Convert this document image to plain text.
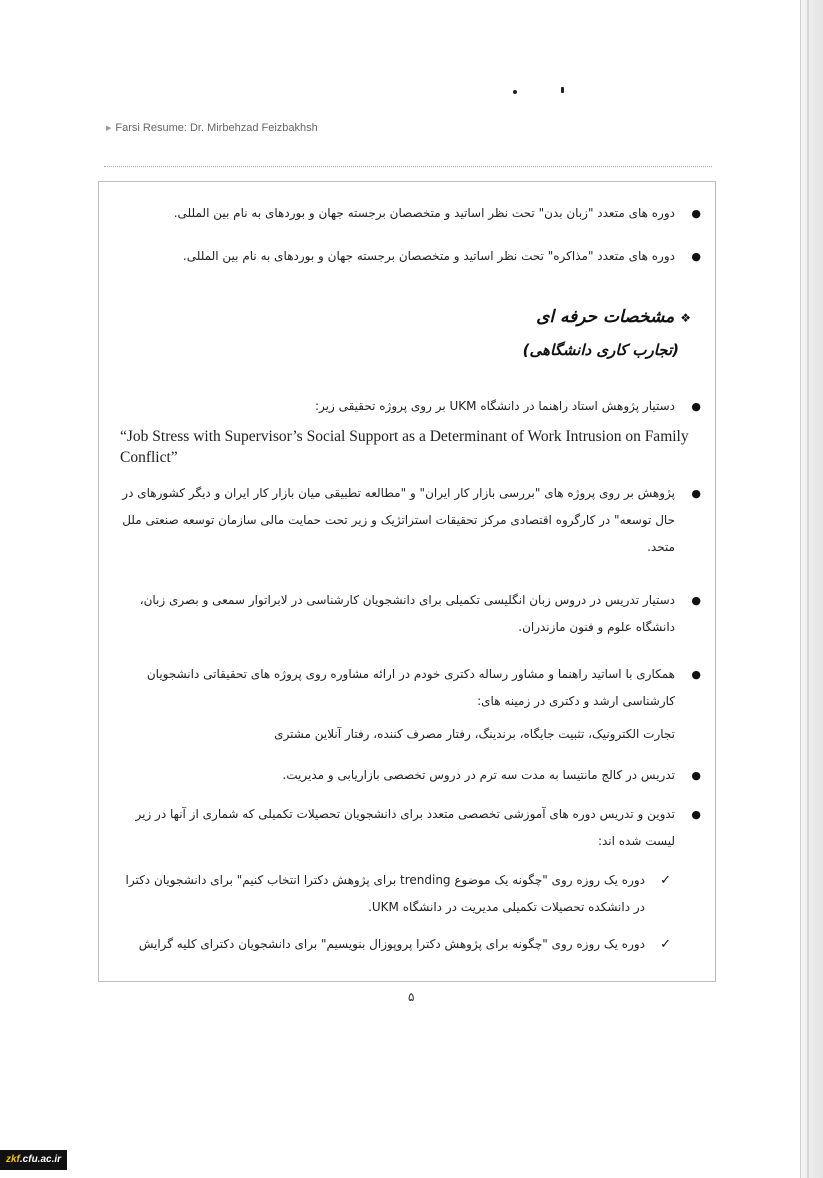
▶ Farsi Resume: Dr. Mirbehzad Feizbakhsh

●
دوره های متعدد "زبان بدن" تحت نظر اساتید و متخصصان برجسته جهان و بوردهای به نام بین المللی.

●
دوره های متعدد "مذاکره" تحت نظر اساتید و متخصصان برجسته جهان و بوردهای به نام بین المللی.

❖مشخصات حرفه ای
(تجارب کاری دانشگاهی)

●
دستیار پژوهش استاد راهنما در دانشگاه UKM بر روی پروژه تحقیقی زیر:

“Job Stress with Supervisor’s Social Support as a Determinant of Work Intrusion on Family Conflict”

●
پژوهش بر روی پروژه های "بررسی بازار کار ایران" و "مطالعه تطبیقی میان بازار کار ایران و دیگر کشورهای در حال توسعه" در کارگروه اقتصادی مرکز تحقیقات استراتژیک و زیر تحت حمایت مالی سازمان توسعه صنعتی ملل متحد.

●
دستیار تدریس در دروس زبان انگلیسی تکمیلی برای دانشجویان کارشناسی در لابراتوار سمعی و بصری زبان، دانشگاه علوم و فنون مازندران.

●
همکاری با اساتید راهنما و مشاور رساله دکتری خودم در ارائه مشاوره روی پروژه های تحقیقاتی دانشجویان کارشناسی ارشد و دکتری در زمینه های:

تجارت الکترونیک، تثبیت جایگاه، برندینگ، رفتار مصرف کننده، رفتار آنلاین مشتری

●
تدریس در کالج مانتیسا به مدت سه ترم در دروس تخصصی بازاریابی و مدیریت.

●
تدوین و تدریس دوره های آموزشی تخصصی متعدد برای دانشجویان تحصیلات تکمیلی که شماری از آنها در زیر لیست شده اند:

✓
دوره یک روزه روی "چگونه یک موضوع trending برای پژوهش دکترا انتخاب کنیم" برای دانشجویان دکترا در دانشکده تحصیلات تکمیلی مدیریت در دانشگاه UKM.

✓
دوره یک روزه روی "چگونه برای پژوهش دکترا پروپوزال بنویسیم" برای دانشجویان دکترای کلیه گرایش

۵
zkf.cfu.ac.ir
